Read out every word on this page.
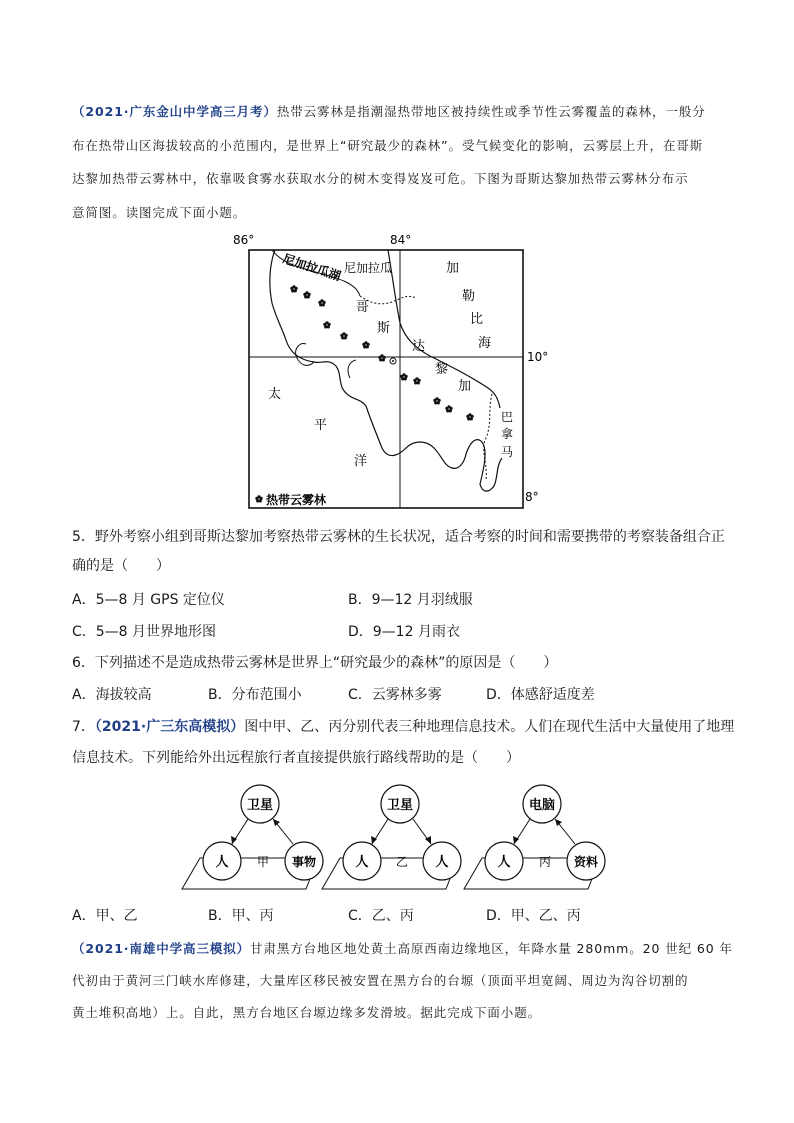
（2021·广东金山中学高三月考）热带云雾林是指潮湿热带地区被持续性或季节性云雾覆盖的森林，一般分
布在热带山区海拔较高的小范围内，是世界上“研究最少的森林”。受气候变化的影响，云雾层上升，在哥斯
达黎加热带云雾林中，依靠吸食雾水获取水分的树木变得岌岌可危。下图为哥斯达黎加热带云雾林分布示
意简图。读图完成下面小题。
86°	84°
10°
8°
尼加拉瓜湖 尼加拉瓜	加
勒
比
海
哥
斯
达
黎
加
太
平
洋
巴
拿
马
热带云雾林
5．野外考察小组到哥斯达黎加考察热带云雾林的生长状况，适合考察的时间和需要携带的考察装备组合正
确的是（　　）
A．5—8 月 GPS 定位仪	B．9—12 月羽绒服
C．5—8 月世界地形图	D．9—12 月雨衣
6．下列描述不是造成热带云雾林是世界上“研究最少的森林”的原因是（　　）
A．海拔较高	B．分布范围小	C．云雾林多雾	D．体感舒适度差
7．（2021·广三东高模拟）图中甲、乙、丙分别代表三种地理信息技术。人们在现代生活中大量使用了地理
信息技术。下列能给外出远程旅行者直接提供旅行路线帮助的是（　　）
卫星
人	事物
甲
卫星
人	人
乙
电脑
人	资料
丙
A．甲、乙	B．甲、丙	C．乙、丙	D．甲、乙、丙
（2021·南雄中学高三模拟）甘肃黑方台地区地处黄土高原西南边缘地区，年降水量 280mm。20 世纪 60 年
代初由于黄河三门峡水库修建，大量库区移民被安置在黑方台的台塬（顶面平坦宽阔、周边为沟谷切割的
黄土堆积高地）上。自此，黑方台地区台塬边缘多发滑坡。据此完成下面小题。
